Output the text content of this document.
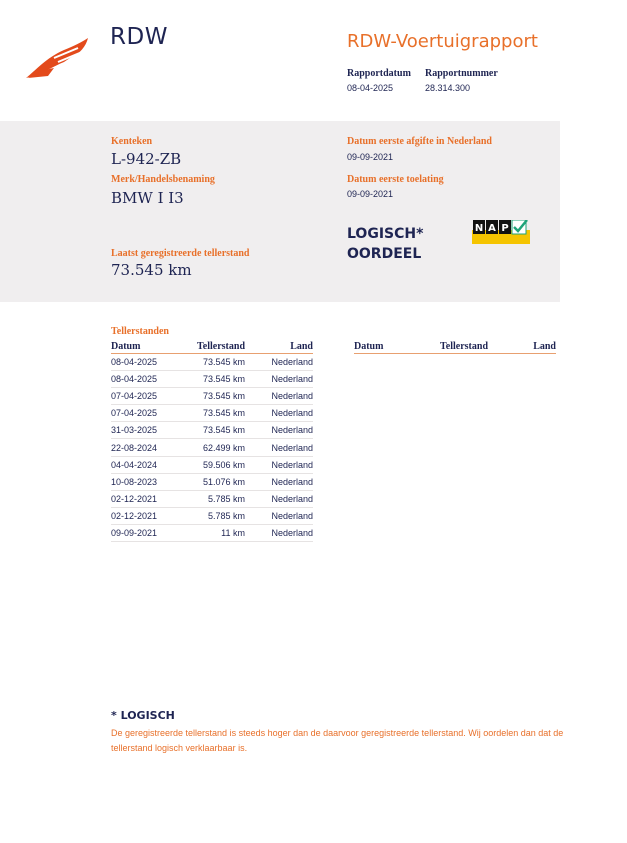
RDW	RDW-Voertuigrapport
Rapportdatum Rapportnummer
08-04-2025	28.314.300
Kenteken
L-942-ZB
Merk/Handelsbenaming
BMW I I3
Laatst geregistreerde tellerstand
73.545 km
Datum eerste afgifte in Nederland
09-09-2021
Datum eerste toelating
09-09-2021
LOGISCH*
OORDEEL
N A P
Tellerstanden
Datum	Tellerstand	Land
08-04-2025	73.545 km	Nederland
08-04-2025	73.545 km	Nederland
07-04-2025	73.545 km	Nederland
07-04-2025	73.545 km	Nederland
31-03-2025	73.545 km	Nederland
22-08-2024	62.499 km	Nederland
04-04-2024	59.506 km	Nederland
10-08-2023	51.076 km	Nederland
02-12-2021	5.785 km	Nederland
02-12-2021	5.785 km	Nederland
09-09-2021	11 km	Nederland
Datum	Tellerstand	Land
* LOGISCH
De geregistreerde tellerstand is steeds hoger dan de daarvoor geregistreerde tellerstand. Wij oordelen dan dat de tellerstand logisch verklaarbaar is.
